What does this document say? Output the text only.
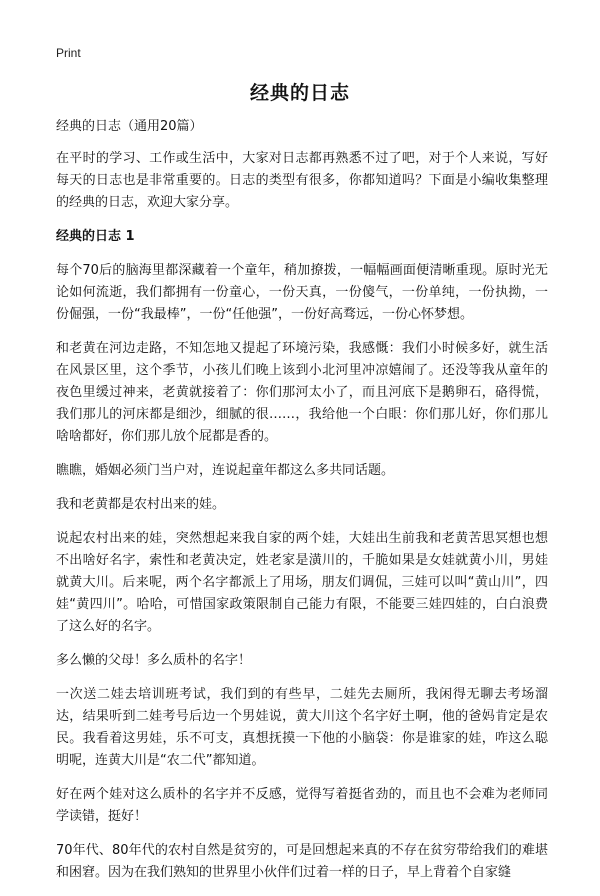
Print
经典的日志

经典的日志（通用20篇）

在平时的学习、工作或生活中，大家对日志都再熟悉不过了吧，对于个人来说，写好每天的日志也是非常重要的。日志的类型有很多，你都知道吗？下面是小编收集整理的经典的日志，欢迎大家分享。

经典的日志 1

每个70后的脑海里都深藏着一个童年，稍加撩拨，一幅幅画面便清晰重现。原时光无论如何流逝，我们都拥有一份童心，一份天真，一份傻气，一份单纯，一份执拗，一份倔强，一份“我最棒”，一份“任他强”，一份好高骛远，一份心怀梦想。

和老黄在河边走路，不知怎地又提起了环境污染，我感慨：我们小时候多好，就生活在风景区里，这个季节，小孩儿们晚上该到小北河里冲凉嬉闹了。还没等我从童年的夜色里缓过神来，老黄就接着了：你们那河太小了，而且河底下是鹅卵石，硌得慌，我们那儿的河床都是细沙，细腻的很……，我给他一个白眼：你们那儿好，你们那儿啥啥都好，你们那儿放个屁都是香的。

瞧瞧，婚姻必须门当户对，连说起童年都这么多共同话题。

我和老黄都是农村出来的娃。

说起农村出来的娃，突然想起来我自家的两个娃，大娃出生前我和老黄苦思冥想也想不出啥好名字，索性和老黄决定，姓老家是潢川的，千脆如果是女娃就黄小川，男娃就黄大川。后来呢，两个名字都派上了用场，朋友们调侃，三娃可以叫“黄山川”，四娃“黄四川”。哈哈，可惜国家政策限制自己能力有限，不能要三娃四娃的，白白浪费了这么好的名字。

多么懒的父母！多么质朴的名字！

一次送二娃去培训班考试，我们到的有些早，二娃先去厕所，我闲得无聊去考场溜达，结果听到二娃考号后边一个男娃说，黄大川这个名字好土啊，他的爸妈肯定是农民。我看着这男娃，乐不可支，真想抚摸一下他的小脑袋：你是谁家的娃，咋这么聪明呢，连黄大川是“农二代”都知道。

好在两个娃对这么质朴的名字并不反感，觉得写着挺省劲的，而且也不会难为老师同学读错，挺好！

70年代、80年代的农村自然是贫穷的，可是回想起来真的不存在贫穷带给我们的难堪和困窘。因为在我们熟知的世界里小伙伴们过着一样的日子，早上背着个自家缝
